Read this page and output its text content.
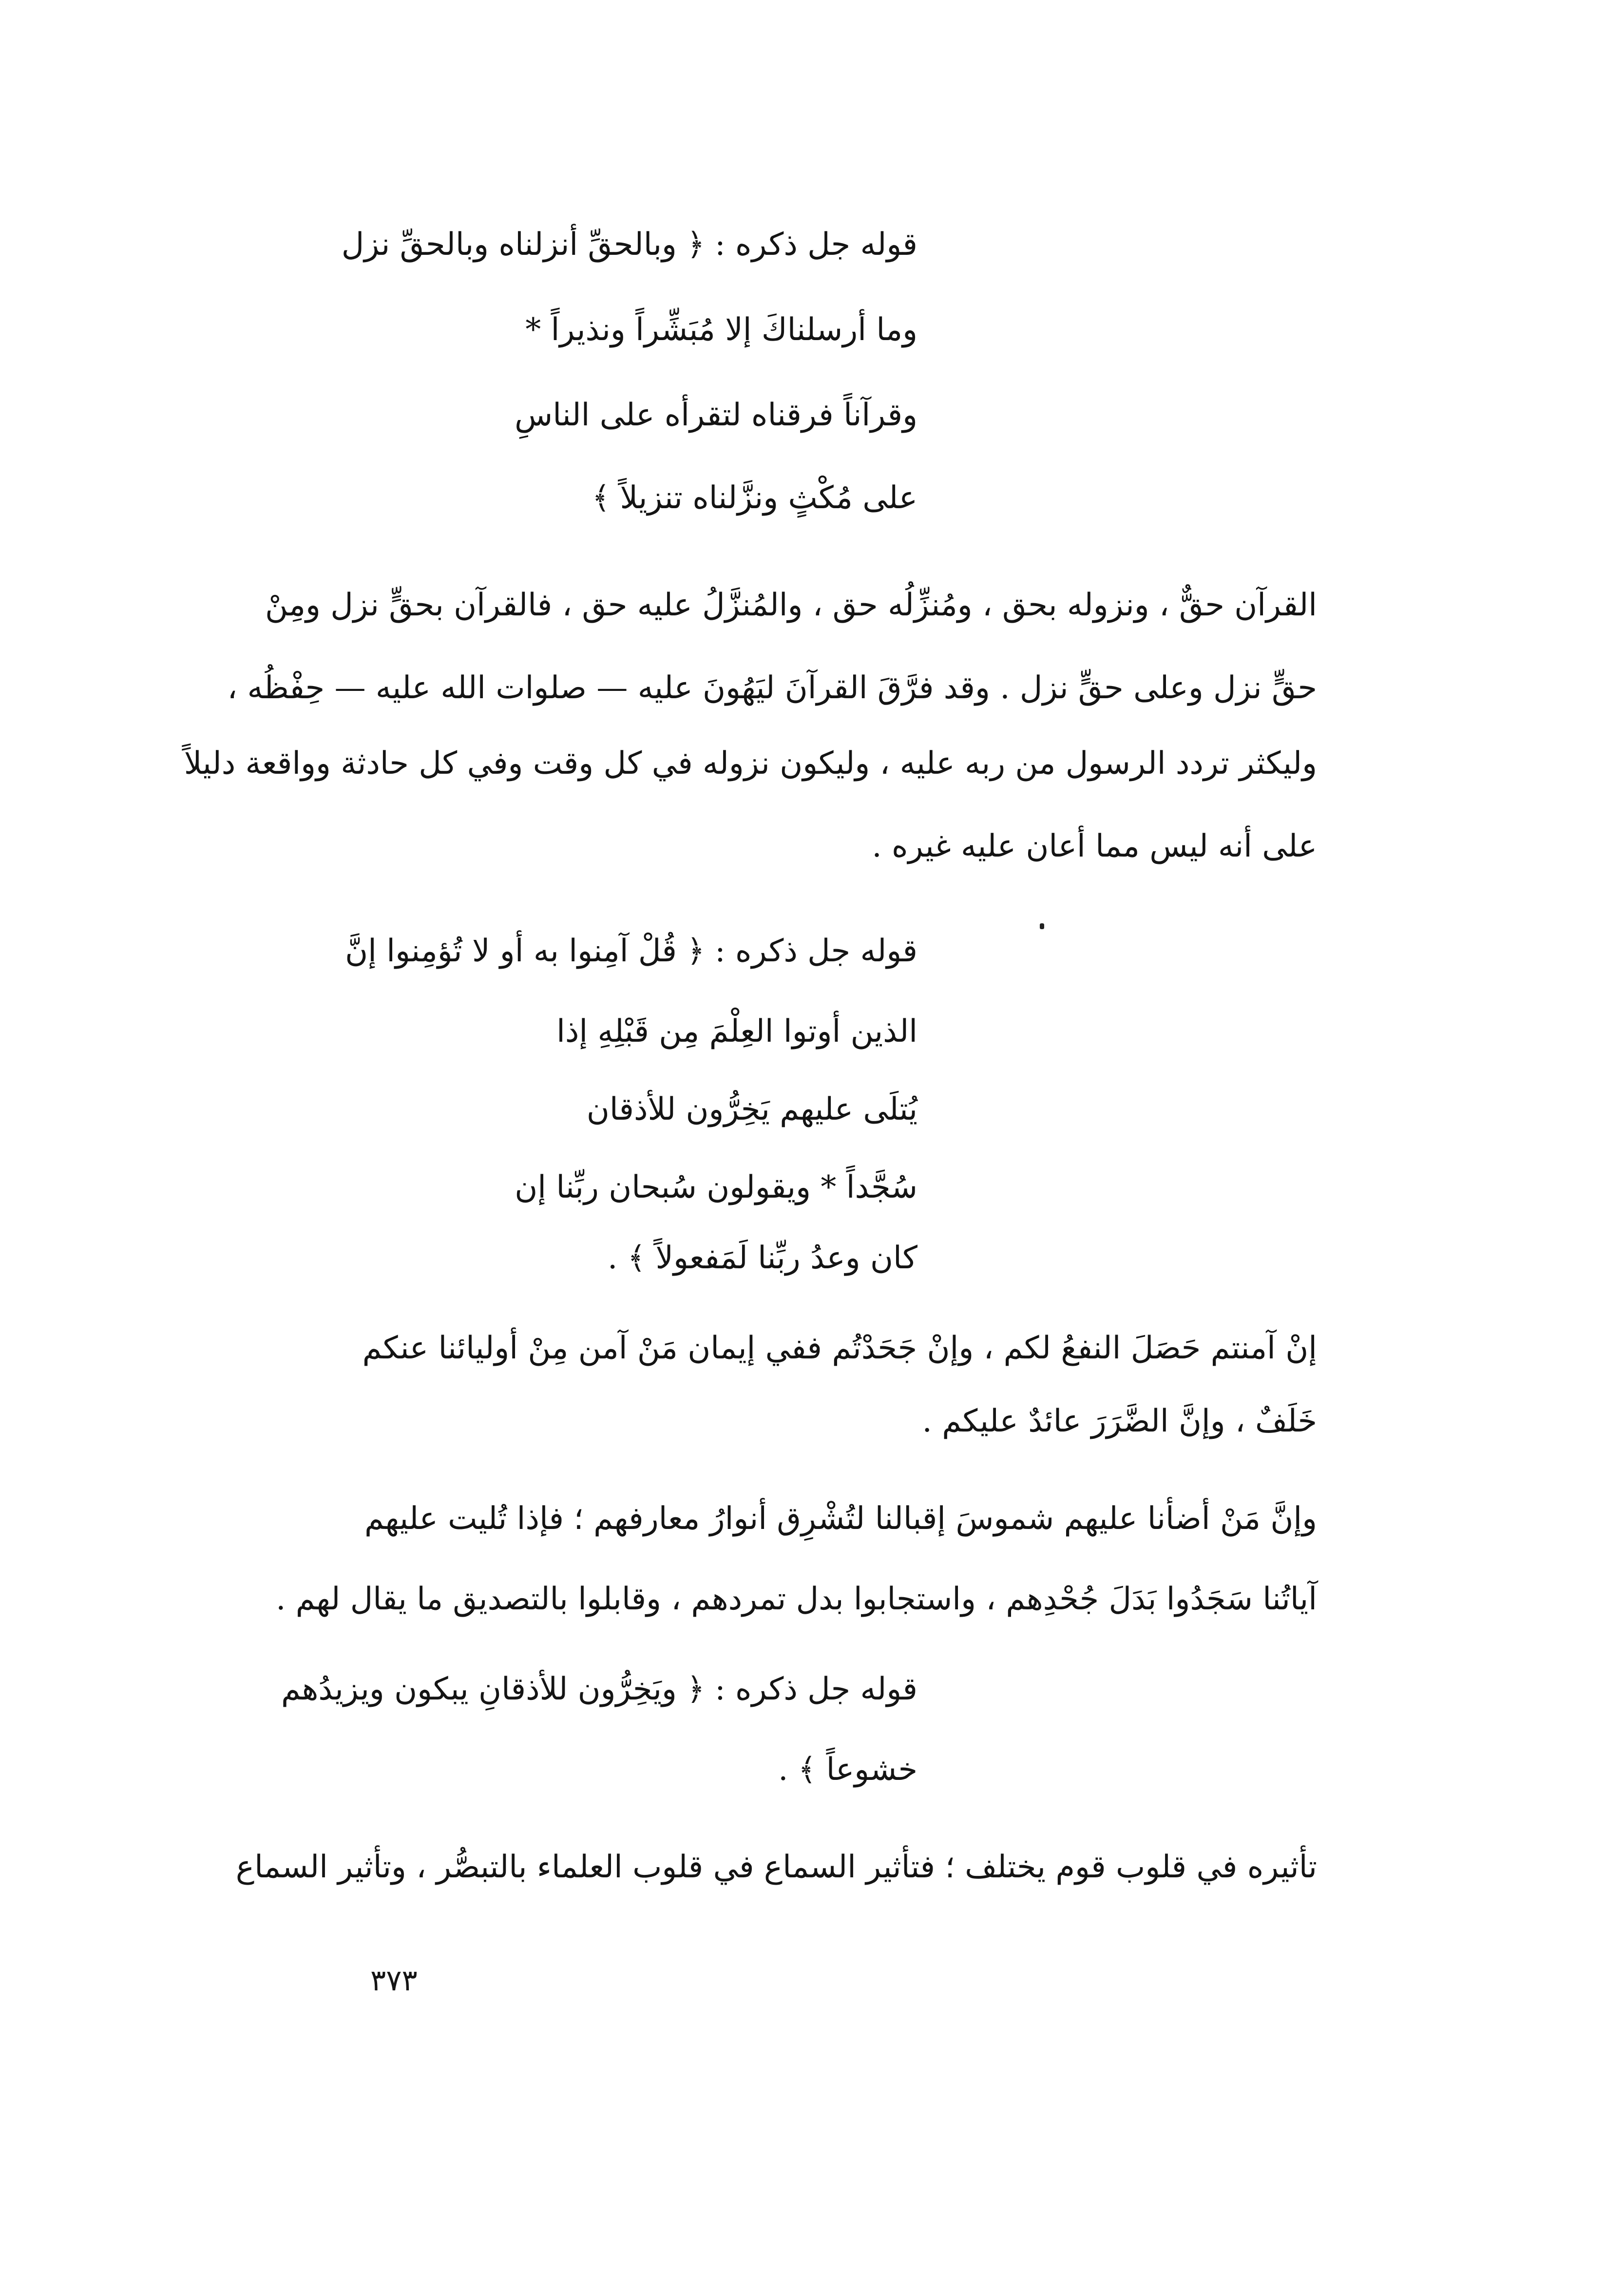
قوله جل ذكره : ﴿ وبالحقِّ أنزلناه وبالحقِّ نزل
وما أرسلناكَ إلا مُبَشِّراً ونذيراً *
وقرآناً فرقناه لتقرأه على الناسِ
على مُكْثٍ ونزَّلناه تنزيلاً ﴾
القرآن حقٌّ ، ونزوله بحق ، ومُنزِّلُه حق ، والمُنزَّلُ عليه حق ، فالقرآن بحقٍّ نزل ومِنْ
حقٍّ نزل وعلى حقٍّ نزل . وقد فرَّقَ القرآنَ ليَهُونَ عليه — صلوات الله عليه — حِفْظُه ،
وليكثر تردد الرسول من ربه عليه ، وليكون نزوله في كل وقت وفي كل حادثة وواقعة دليلاً
على أنه ليس مما أعان عليه غيره .
قوله جل ذكره : ﴿ قُلْ آمِنوا به أو لا تُؤمِنوا إنَّ
الذين أوتوا العِلْمَ مِن قَبْلِهِ إذا
يُتلَى عليهم يَخِرُّون للأذقان
سُجَّداً * ويقولون سُبحان ربِّنا إن
كان وعدُ ربِّنا لَمَفعولاً ﴾ .
إنْ آمنتم حَصَلَ النفعُ لكم ، وإنْ جَحَدْتُم ففي إيمان مَنْ آمن مِنْ أوليائنا عنكم
خَلَفٌ ، وإنَّ الضَّرَرَ عائدٌ عليكم .
وإنَّ مَنْ أضأنا عليهم شموسَ إقبالنا لتُشْرِق أنوارُ معارفهم ؛ فإذا تُليت عليهم
آياتُنا سَجَدُوا بَدَلَ جُحْدِهم ، واستجابوا بدل تمردهم ، وقابلوا بالتصديق ما يقال لهم .
قوله جل ذكره : ﴿ ويَخِرُّون للأذقانِ يبكون ويزيدُهم
خشوعاً ﴾ .
تأثيره في قلوب قوم يختلف ؛ فتأثير السماع في قلوب العلماء بالتبصُّر ، وتأثير السماع
٣٧٣
